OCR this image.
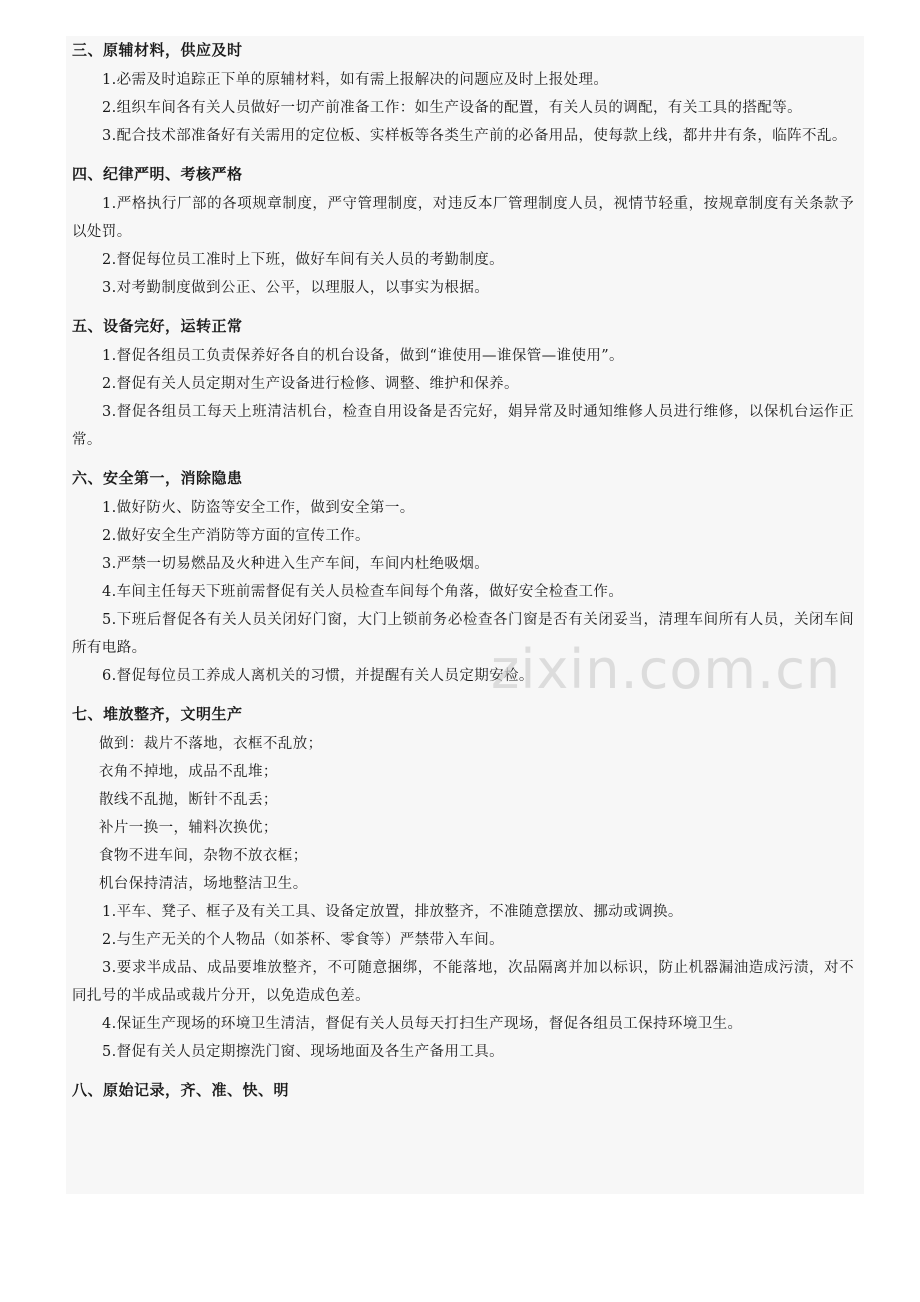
三、原辅材料，供应及时

1.必需及时追踪正下单的原辅材料，如有需上报解决的问题应及时上报处理。

2.组织车间各有关人员做好一切产前准备工作：如生产设备的配置，有关人员的调配，有关工具的搭配等。

3.配合技术部准备好有关需用的定位板、实样板等各类生产前的必备用品，使每款上线，都井井有条，临阵不乱。

四、纪律严明、考核严格

1.严格执行厂部的各项规章制度，严守管理制度，对违反本厂管理制度人员，视情节轻重，按规章制度有关条款予以处罚。

2.督促每位员工准时上下班，做好车间有关人员的考勤制度。

3.对考勤制度做到公正、公平，以理服人，以事实为根据。

五、设备完好，运转正常

1.督促各组员工负责保养好各自的机台设备，做到“谁使用—谁保管—谁使用”。

2.督促有关人员定期对生产设备进行检修、调整、维护和保养。

3.督促各组员工每天上班清洁机台，检查自用设备是否完好，娟异常及时通知维修人员进行维修，以保机台运作正常。

六、安全第一，消除隐患

1.做好防火、防盗等安全工作，做到安全第一。

2.做好安全生产消防等方面的宣传工作。

3.严禁一切易燃品及火种进入生产车间，车间内杜绝吸烟。

4.车间主任每天下班前需督促有关人员检查车间每个角落，做好安全检查工作。

5.下班后督促各有关人员关闭好门窗，大门上锁前务必检查各门窗是否有关闭妥当，清理车间所有人员，关闭车间所有电路。

6.督促每位员工养成人离机关的习惯，并提醒有关人员定期安检。

七、堆放整齐，文明生产

做到：裁片不落地，衣框不乱放；

衣角不掉地，成品不乱堆；

散线不乱抛，断针不乱丢；

补片一换一，辅料次换优；

食物不进车间，杂物不放衣框；

机台保持清洁，场地整洁卫生。

1.平车、凳子、框子及有关工具、设备定放置，排放整齐，不准随意摆放、挪动或调换。

2.与生产无关的个人物品（如茶杯、零食等）严禁带入车间。

3.要求半成品、成品要堆放整齐，不可随意捆绑，不能落地，次品隔离并加以标识，防止机器漏油造成污渍，对不同扎号的半成品或裁片分开，以免造成色差。

4.保证生产现场的环境卫生清洁，督促有关人员每天打扫生产现场，督促各组员工保持环境卫生。

5.督促有关人员定期擦洗门窗、现场地面及各生产备用工具。

八、原始记录，齐、准、快、明
zixin.com.cn
